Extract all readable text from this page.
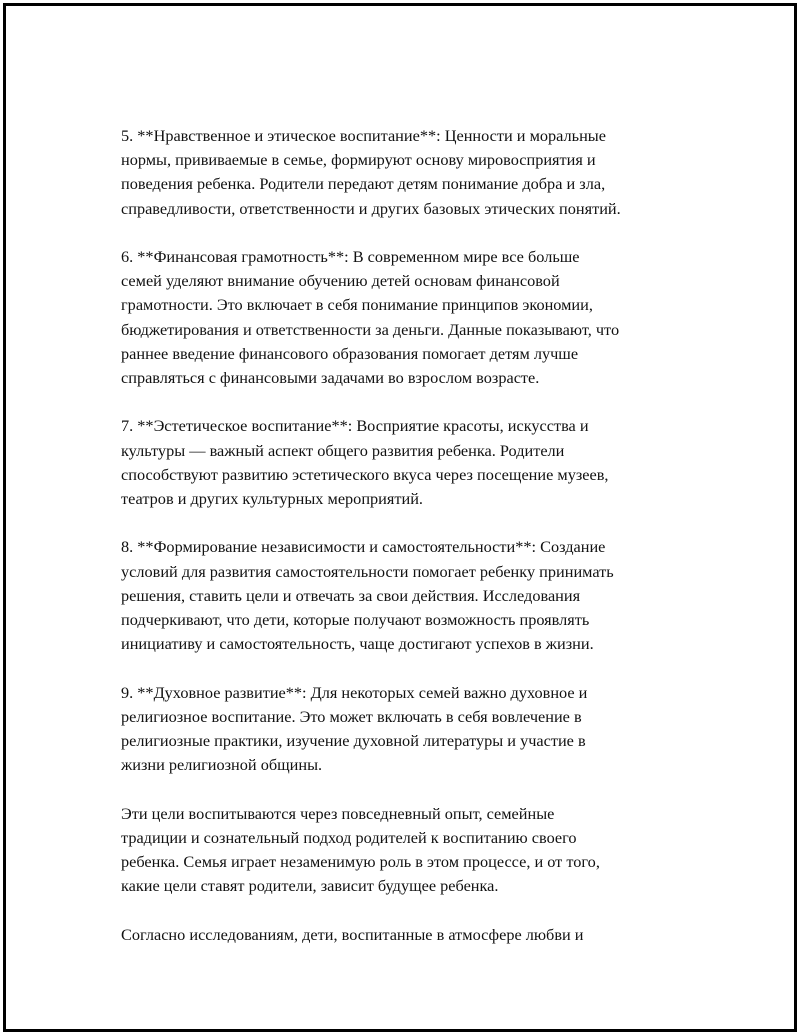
5. **Нравственное и этическое воспитание**: Ценности и моральные
нормы, прививаемые в семье, формируют основу мировосприятия и
поведения ребенка. Родители передают детям понимание добра и зла,
справедливости, ответственности и других базовых этических понятий.

6. **Финансовая грамотность**: В современном мире все больше
семей уделяют внимание обучению детей основам финансовой
грамотности. Это включает в себя понимание принципов экономии,
бюджетирования и ответственности за деньги. Данные показывают, что
раннее введение финансового образования помогает детям лучше
справляться с финансовыми задачами во взрослом возрасте.

7. **Эстетическое воспитание**: Восприятие красоты, искусства и
культуры — важный аспект общего развития ребенка. Родители
способствуют развитию эстетического вкуса через посещение музеев,
театров и других культурных мероприятий.

8. **Формирование независимости и самостоятельности**: Создание
условий для развития самостоятельности помогает ребенку принимать
решения, ставить цели и отвечать за свои действия. Исследования
подчеркивают, что дети, которые получают возможность проявлять
инициативу и самостоятельность, чаще достигают успехов в жизни.

9. **Духовное развитие**: Для некоторых семей важно духовное и
религиозное воспитание. Это может включать в себя вовлечение в
религиозные практики, изучение духовной литературы и участие в
жизни религиозной общины.

Эти цели воспитываются через повседневный опыт, семейные
традиции и сознательный подход родителей к воспитанию своего
ребенка. Семья играет незаменимую роль в этом процессе, и от того,
какие цели ставят родители, зависит будущее ребенка.

Согласно исследованиям, дети, воспитанные в атмосфере любви и
